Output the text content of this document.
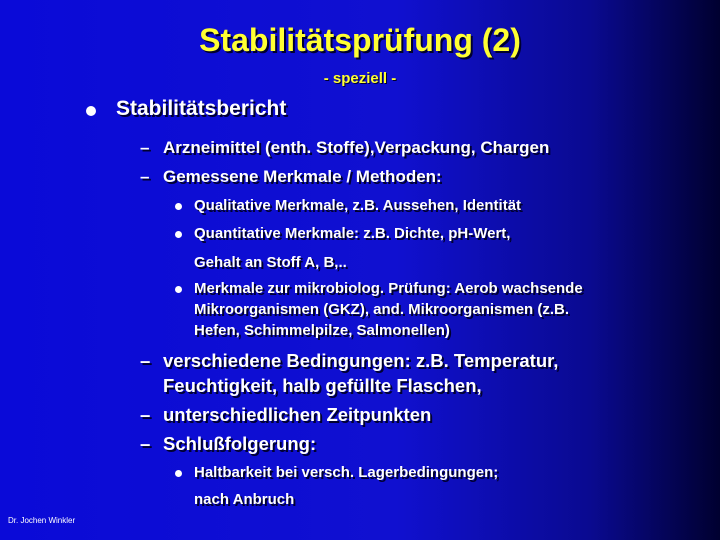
Stabilitätsprüfung (2)
- speziell -
Stabilitätsbericht
– Arzneimittel (enth. Stoffe),Verpackung, Chargen
– Gemessene Merkmale / Methoden:
Qualitative Merkmale, z.B. Aussehen, Identität
Quantitative Merkmale: z.B. Dichte, pH-Wert,
Gehalt an Stoff A, B,..
Merkmale zur mikrobiolog. Prüfung: Aerob wachsende
Mikroorganismen (GKZ), and. Mikroorganismen (z.B.
Hefen, Schimmelpilze, Salmonellen)
– verschiedene Bedingungen: z.B. Temperatur,
Feuchtigkeit, halb gefüllte Flaschen,
– unterschiedlichen Zeitpunkten
– Schlußfolgerung:
Haltbarkeit bei versch. Lagerbedingungen;
nach Anbruch
Dr. Jochen Winkler
